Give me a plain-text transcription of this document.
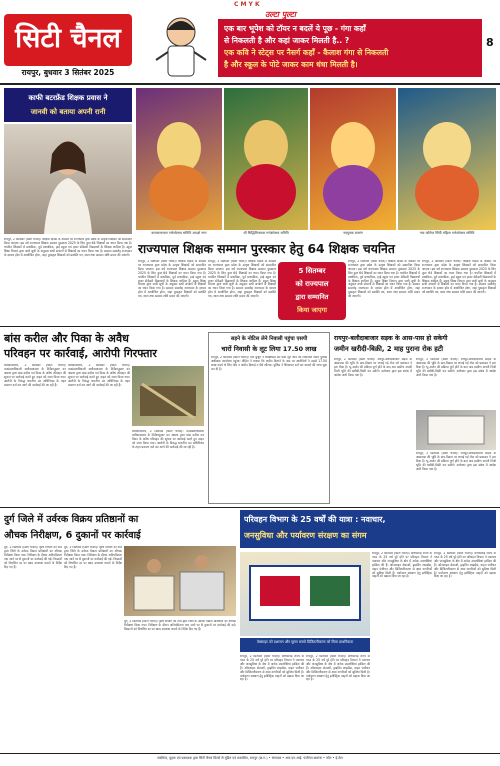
C M Y K
सिटी चैनल
रायपुर, बुधवार 3 सितंबर 2025
उल्टा पुल्टा
एक बार भूपेश को टॉयर न बदलें ये पूछ - गंगा कहाँ
से निकलती है और कहां जाकर मिलती है.. ?
एक कवि ने स्टेट्स पर नैसर्ग कहाँ - कैलाश गंगा से निकलती
है और स्कूल के पोटे जाकर काम धंधा मिलती है।
8
काफी बटरफ्रेंड शिक्षक प्रवास ने
जानवी को बताया अपनी रानी
कलकत्ताधाम गणेशोत्सव समिति आदर्श नगर	श्री सिद्धिविनायक गणेशोत्सव समिति	नवयुवक बजरंग	नया कॉलेज सिंधी महिला गणेशोत्सव समिति
रायपुर, 2 सितम्बर (सिटी चैनल)। शिक्षक दिवस के अवसर पर राज्यपाल द्वारा प्रदेश के उत्कृष्ट शिक्षकों को सम्मानित किया जाएगा। इस वर्ष राज्यपाल शिक्षक सम्मान पुरस्कार 2025 के लिए कुल 64 शिक्षकों का चयन किया गया है। चयनित शिक्षकों में प्राथमिक, पूर्व माध्यमिक, हाई स्कूल एवं हायर सेकेंडरी विद्यालयों के शिक्षक शामिल हैं। स्कूल शिक्षा विभाग द्वारा जारी सूची के अनुसार सभी संभागों से शिक्षकों का चयन किया गया है। सम्मान समारोह राजभवन के दरबार हॉल में आयोजित होगा, जहां पुरस्कृत शिक्षकों को प्रशस्ति पत्र, शाल तथा सम्मान राशि प्रदान की जाएगी। राज्यपाल शिक्षक सम्मान पुरस्कार हेतु 64 शिक्षक चयनित
रायपुर, 2 सितम्बर (सिटी चैनल)। शिक्षक दिवस के अवसर पर राज्यपाल द्वारा प्रदेश के उत्कृष्ट शिक्षकों को सम्मानित किया जाएगा। इस वर्ष राज्यपाल शिक्षक सम्मान पुरस्कार 2025 के लिए कुल 64 शिक्षकों का चयन किया गया है। चयनित शिक्षकों में प्राथमिक, पूर्व माध्यमिक, हाई स्कूल एवं हायर सेकेंडरी विद्यालयों के शिक्षक शामिल हैं। स्कूल शिक्षा विभाग द्वारा जारी सूची के अनुसार सभी संभागों से शिक्षकों का चयन किया गया है। सम्मान समारोह राजभवन के दरबार हॉल में आयोजित होगा, जहां पुरस्कृत शिक्षकों को प्रशस्ति पत्र, शाल तथा सम्मान राशि प्रदान की जाएगी।
रायपुर, 2 सितम्बर (सिटी चैनल)। शिक्षक दिवस के अवसर पर राज्यपाल द्वारा प्रदेश के उत्कृष्ट शिक्षकों को सम्मानित किया जाएगा। इस वर्ष राज्यपाल शिक्षक सम्मान पुरस्कार 2025 के लिए कुल 64 शिक्षकों का चयन किया गया है। चयनित शिक्षकों में प्राथमिक, पूर्व माध्यमिक, हाई स्कूल एवं हायर सेकेंडरी विद्यालयों के शिक्षक शामिल हैं। स्कूल शिक्षा विभाग द्वारा जारी सूची के अनुसार सभी संभागों से शिक्षकों का चयन किया गया है। सम्मान समारोह राजभवन के दरबार हॉल में आयोजित होगा, जहां पुरस्कृत शिक्षकों को प्रशस्ति पत्र, शाल तथा सम्मान राशि प्रदान की जाएगी।
5 सितम्बर
को राज्यपाल
द्वारा सम्मानित
किया जाएगा
रायपुर, 2 सितम्बर (सिटी चैनल)। शिक्षक दिवस के अवसर पर राज्यपाल द्वारा प्रदेश के उत्कृष्ट शिक्षकों को सम्मानित किया जाएगा। इस वर्ष राज्यपाल शिक्षक सम्मान पुरस्कार 2025 के लिए कुल 64 शिक्षकों का चयन किया गया है। चयनित शिक्षकों में प्राथमिक, पूर्व माध्यमिक, हाई स्कूल एवं हायर सेकेंडरी विद्यालयों के शिक्षक शामिल हैं। स्कूल शिक्षा विभाग द्वारा जारी सूची के अनुसार सभी संभागों से शिक्षकों का चयन किया गया है। सम्मान समारोह राजभवन के दरबार हॉल में आयोजित होगा, जहां पुरस्कृत शिक्षकों को प्रशस्ति पत्र, शाल तथा सम्मान राशि प्रदान की जाएगी।
रायपुर, 2 सितम्बर (सिटी चैनल)। शिक्षक दिवस के अवसर पर राज्यपाल द्वारा प्रदेश के उत्कृष्ट शिक्षकों को सम्मानित किया जाएगा। इस वर्ष राज्यपाल शिक्षक सम्मान पुरस्कार 2025 के लिए कुल 64 शिक्षकों का चयन किया गया है। चयनित शिक्षकों में प्राथमिक, पूर्व माध्यमिक, हाई स्कूल एवं हायर सेकेंडरी विद्यालयों के शिक्षक शामिल हैं। स्कूल शिक्षा विभाग द्वारा जारी सूची के अनुसार सभी संभागों से शिक्षकों का चयन किया गया है। सम्मान समारोह राजभवन के दरबार हॉल में आयोजित होगा, जहां पुरस्कृत शिक्षकों को प्रशस्ति पत्र, शाल तथा सम्मान राशि प्रदान की जाएगी।
बांस करील और पिका के अवैध
परिवहन पर कार्रवाई, आरोपी गिरफ्तार
बलौदाबाजार, 2 सितम्बर (सिटी चैनल)। वनमंडलाधिकारी बलौदाबाजार के निर्देशानुसार वन अमला द्वारा बांस करील एवं पिका के अवैध परिवहन की सूचना पर कार्रवाई करते हुए वाहन को जब्त किया गया। आरोपी के विरुद्ध भारतीय वन अधिनियम के तहत प्रकरण दर्ज कर आगे की कार्रवाई की जा रही है।
बलौदाबाजार, 2 सितम्बर (सिटी चैनल)। वनमंडलाधिकारी बलौदाबाजार के निर्देशानुसार वन अमला द्वारा बांस करील एवं पिका के अवैध परिवहन की सूचना पर कार्रवाई करते हुए वाहन को जब्त किया गया। आरोपी के विरुद्ध भारतीय वन अधिनियम के तहत प्रकरण दर्ज कर आगे की कार्रवाई की जा रही है।
बलौदाबाजार, 2 सितम्बर (सिटी चैनल)। वनमंडलाधिकारी बलौदाबाजार के निर्देशानुसार वन अमला द्वारा बांस करील एवं पिका के अवैध परिवहन की सूचना पर कार्रवाई करते हुए वाहन को जब्त किया गया। आरोपी के विरुद्ध भारतीय वन अधिनियम के तहत प्रकरण दर्ज कर आगे की कार्रवाई की जा रही है।
सड़ने के नोटिस लेने निवासी पहुंचा एसपी
चारों निवासी के लूट लिया 17.50 लाख
रायपुर, 2 सितम्बर (सिटी चैनल)। एक बुजुर्ग ने धोखाधड़ी कर पैसा लूटे जाने की शिकायत लेकर पुलिस अधीक्षक कार्यालय पहुंचा। पीड़ित ने बताया कि जमीन दिलाने के नाम पर आरोपियों ने उससे 17.50 लाख रुपये ले लिए और न जमीन दिलाई न पैसे लौटाए। पुलिस ने शिकायत दर्ज कर मामले की जांच शुरू कर दी है।
रायपुर-बलौदाबाजार सड़क के आस-पास हो सकेगी
जमीन खरीदी-बिक्री, 2 माह पुराना रोक हटी
रायपुर, 2 सितम्बर (सिटी चैनल)। रायपुर-बलौदाबाजार सड़क के आसपास की भूमि के क्रय-विक्रय पर लगाई गई रोक को प्रशासन ने हटा दिया है। भू-अर्जन की प्रक्रिया पूर्ण होने के बाद अब ग्रामीण अपनी निजी भूमि की खरीदी-बिक्री कर सकेंगे। कलेक्टर द्वारा इस संबंध में आदेश जारी किया गया है।
रायपुर, 2 सितम्बर (सिटी चैनल)। रायपुर-बलौदाबाजार सड़क के आसपास की भूमि के क्रय-विक्रय पर लगाई गई रोक को प्रशासन ने हटा दिया है। भू-अर्जन की प्रक्रिया पूर्ण होने के बाद अब ग्रामीण अपनी निजी भूमि की खरीदी-बिक्री कर सकेंगे। कलेक्टर द्वारा इस संबंध में आदेश जारी किया गया है।
रायपुर, 2 सितम्बर (सिटी चैनल)। रायपुर-बलौदाबाजार सड़क के आसपास की भूमि के क्रय-विक्रय पर लगाई गई रोक को प्रशासन ने हटा दिया है। भू-अर्जन की प्रक्रिया पूर्ण होने के बाद अब ग्रामीण अपनी निजी भूमि की खरीदी-बिक्री कर सकेंगे। कलेक्टर द्वारा इस संबंध में आदेश जारी किया गया है।
दुर्ग जिले में उर्वरक विक्रय प्रतिष्ठानों का
औचक निरीक्षण, 6 दुकानों पर कार्रवाई
दुर्ग, 2 सितम्बर (सिटी चैनल)। कृषि विभाग की टीम द्वारा जिले के उर्वरक विक्रय प्रतिष्ठानों का औचक निरीक्षण किया गया। निरीक्षण के दौरान अनियमितता पाए जाने पर 6 दुकानों पर कार्रवाई की गई। किसानों को निर्धारित दर पर खाद उपलब्ध कराने के निर्देश दिए गए हैं।
दुर्ग, 2 सितम्बर (सिटी चैनल)। कृषि विभाग की टीम द्वारा जिले के उर्वरक विक्रय प्रतिष्ठानों का औचक निरीक्षण किया गया। निरीक्षण के दौरान अनियमितता पाए जाने पर 6 दुकानों पर कार्रवाई की गई। किसानों को निर्धारित दर पर खाद उपलब्ध कराने के निर्देश दिए गए हैं।
दुर्ग, 2 सितम्बर (सिटी चैनल)। कृषि विभाग की टीम द्वारा जिले के उर्वरक विक्रय प्रतिष्ठानों का औचक निरीक्षण किया गया। निरीक्षण के दौरान अनियमितता पाए जाने पर 6 दुकानों पर कार्रवाई की गई। किसानों को निर्धारित दर पर खाद उपलब्ध कराने के निर्देश दिए गए हैं।
परिवहन विभाग के 25 वर्षों की यात्रा : नवाचार,
जनसुविधा और पर्यावरण संरक्षण का संगम
वेबसाइट को प्रशासन और सुगम बनाये डिजिटलीकरण को मिला प्राथमिकता
रायपुर, 2 सितम्बर (सिटी चैनल)। छत्तीसगढ़ राज्य के गठन के 25 वर्ष पूरे होने पर परिवहन विभाग ने नवाचार और जनसुविधा के क्षेत्र में अनेक उपलब्धियां हासिल की हैं। ऑनलाइन सेवाओं, ड्राइविंग लाइसेंस, वाहन पंजीयन और डिजिटलीकरण से आम नागरिकों को सुविधा मिली है। पर्यावरण संरक्षण हेतु इलेक्ट्रिक वाहनों को बढ़ावा दिया जा रहा है।
रायपुर, 2 सितम्बर (सिटी चैनल)। छत्तीसगढ़ राज्य के गठन के 25 वर्ष पूरे होने पर परिवहन विभाग ने नवाचार और जनसुविधा के क्षेत्र में अनेक उपलब्धियां हासिल की हैं। ऑनलाइन सेवाओं, ड्राइविंग लाइसेंस, वाहन पंजीयन और डिजिटलीकरण से आम नागरिकों को सुविधा मिली है। पर्यावरण संरक्षण हेतु इलेक्ट्रिक वाहनों को बढ़ावा दिया जा रहा है।
रायपुर, 2 सितम्बर (सिटी चैनल)। छत्तीसगढ़ राज्य के गठन के 25 वर्ष पूरे होने पर परिवहन विभाग ने नवाचार और जनसुविधा के क्षेत्र में अनेक उपलब्धियां हासिल की हैं। ऑनलाइन सेवाओं, ड्राइविंग लाइसेंस, वाहन पंजीयन और डिजिटलीकरण से आम नागरिकों को सुविधा मिली है। पर्यावरण संरक्षण हेतु इलेक्ट्रिक वाहनों को बढ़ावा दिया जा रहा है।
रायपुर, 2 सितम्बर (सिटी चैनल)। छत्तीसगढ़ राज्य के गठन के 25 वर्ष पूरे होने पर परिवहन विभाग ने नवाचार और जनसुविधा के क्षेत्र में अनेक उपलब्धियां हासिल की हैं। ऑनलाइन सेवाओं, ड्राइविंग लाइसेंस, वाहन पंजीयन और डिजिटलीकरण से आम नागरिकों को सुविधा मिली है। पर्यावरण संरक्षण हेतु इलेक्ट्रिक वाहनों को बढ़ावा दिया जा रहा है।
स्वामित्व, मुद्रक एवं प्रकाशक द्वारा सिटी चैनल प्रिंटर्स से मुद्रित एवं प्रकाशित, रायपुर (छ.ग.) • संपादक • आर.एन.आई. पंजीयन क्रमांक • फोन • ई-मेल
